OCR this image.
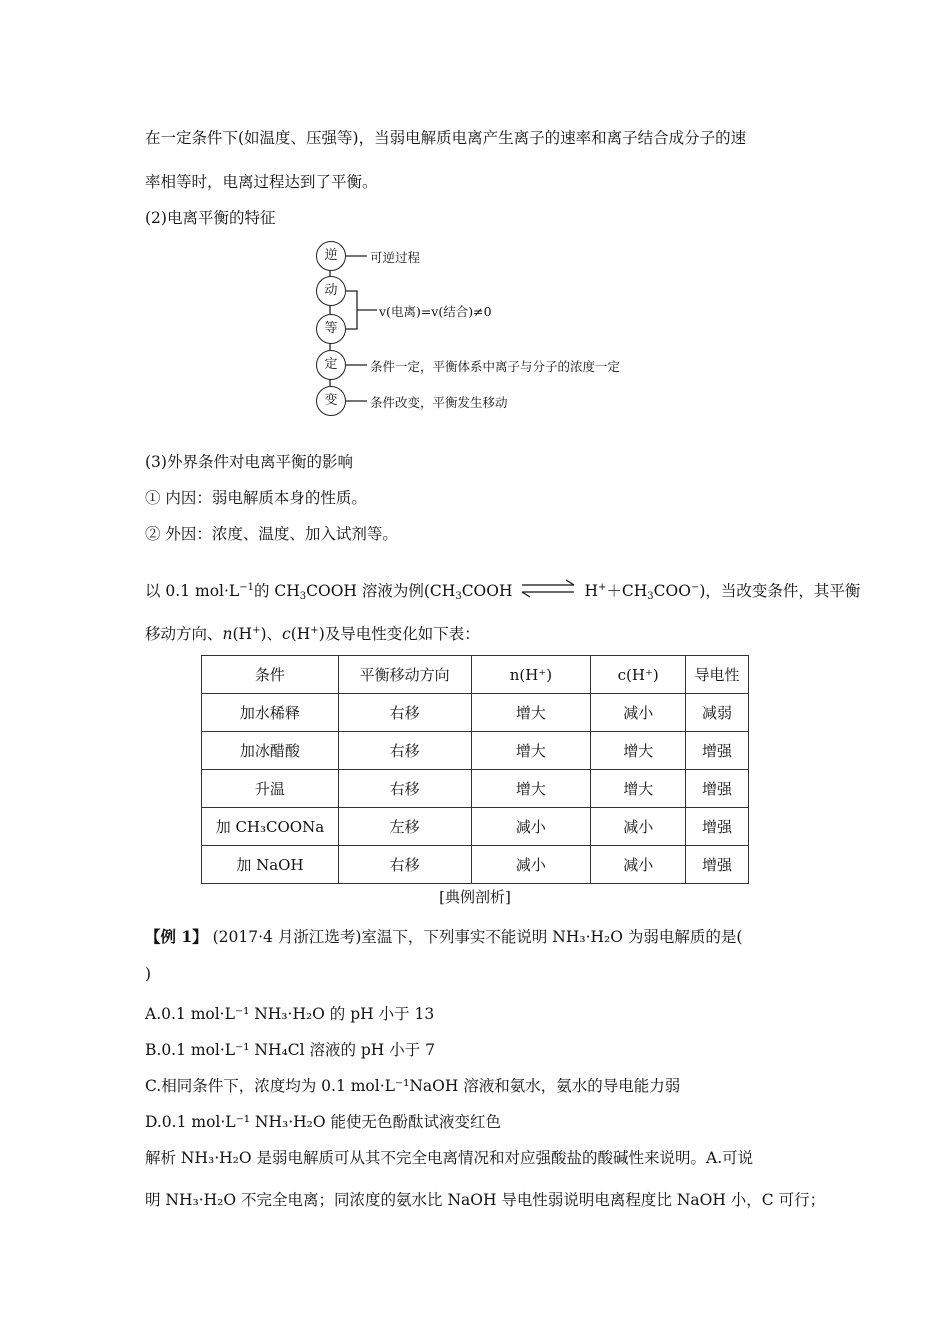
在一定条件下(如温度、压强等)，当弱电解质电离产生离子的速率和离子结合成分子的速
率相等时，电离过程达到了平衡。
(2)电离平衡的特征
逆
动
等
定
变
可逆过程
v(电离)=v(结合)≠0
条件一定，平衡体系中离子与分子的浓度一定
条件改变，平衡发生移动
(3)外界条件对电离平衡的影响
① 内因：弱电解质本身的性质。
② 外因：浓度、温度、加入试剂等。
以 0.1 $mol\cdot L^{-1}$的 $CH_3COOH$ 溶液为例($CH_3COOH$ ⇌ $H^++CH_3COO^-$)，当改变条件，其平衡
移动方向、n(H+)、c(H+)及导电性变化如下表：
条件	平衡移动方向	n(H⁺)	c(H⁺)	导电性
加水稀释	右移	增大	减小	减弱
加冰醋酸	右移	增大	增大	增强
升温	右移	增大	增大	增强
加 CH₃COONa	左移	减小	减小	增强
加 NaOH	右移	减小	减小	增强
[典例剖析]
【例 1】 (2017·4 月浙江选考)室温下，下列事实不能说明 NH₃·H₂O 为弱电解质的是(
)
A.0.1 mol·L⁻¹ NH₃·H₂O 的 pH 小于 13
B.0.1 mol·L⁻¹ NH₄Cl 溶液的 pH 小于 7
C.相同条件下，浓度均为 0.1 mol·L⁻¹NaOH 溶液和氨水，氨水的导电能力弱
D.0.1 mol·L⁻¹ NH₃·H₂O 能使无色酚酞试液变红色
解析 NH₃·H₂O 是弱电解质可从其不完全电离情况和对应强酸盐的酸碱性来说明。A.可说
明 NH₃·H₂O 不完全电离；同浓度的氨水比 NaOH 导电性弱说明电离程度比 NaOH 小，C 可行；
